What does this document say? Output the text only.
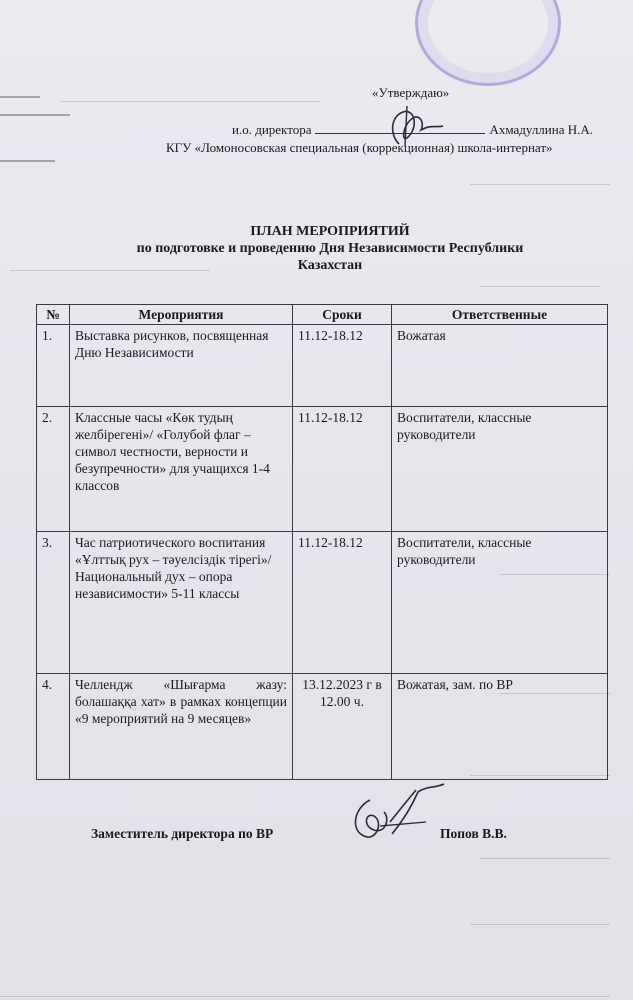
«Утверждаю»
и.о. директора	Ахмадуллина Н.А.
КГУ «Ломоносовская специальная (коррекционная) школа-интернат»
ПЛАН МЕРОПРИЯТИЙ
по подготовке и проведению Дня Независимости Республики
Казахстан
№	Мероприятия	Сроки	Ответственные
1.	Выставка рисунков, посвященная Дню Независимости	11.12-18.12	Вожатая
2.	Классные часы «Көк тудың желбірегені»/ «Голубой флаг – символ честности, верности и безупречности» для учащихся 1-4 классов	11.12-18.12	Воспитатели, классные руководители
3.	Час патриотического воспитания «Ұлттық рух – тәуелсіздік тірегі»/Национальный дух – опора независимости» 5-11 классы	11.12-18.12	Воспитатели, классные руководители
4.	Челлендж «Шығарма жазу: болашаққа хат» в рамках концепции «9 мероприятий на 9 месяцев»	13.12.2023 г в 12.00 ч.	Вожатая, зам. по ВР
Заместитель директора по ВР	Попов В.В.
